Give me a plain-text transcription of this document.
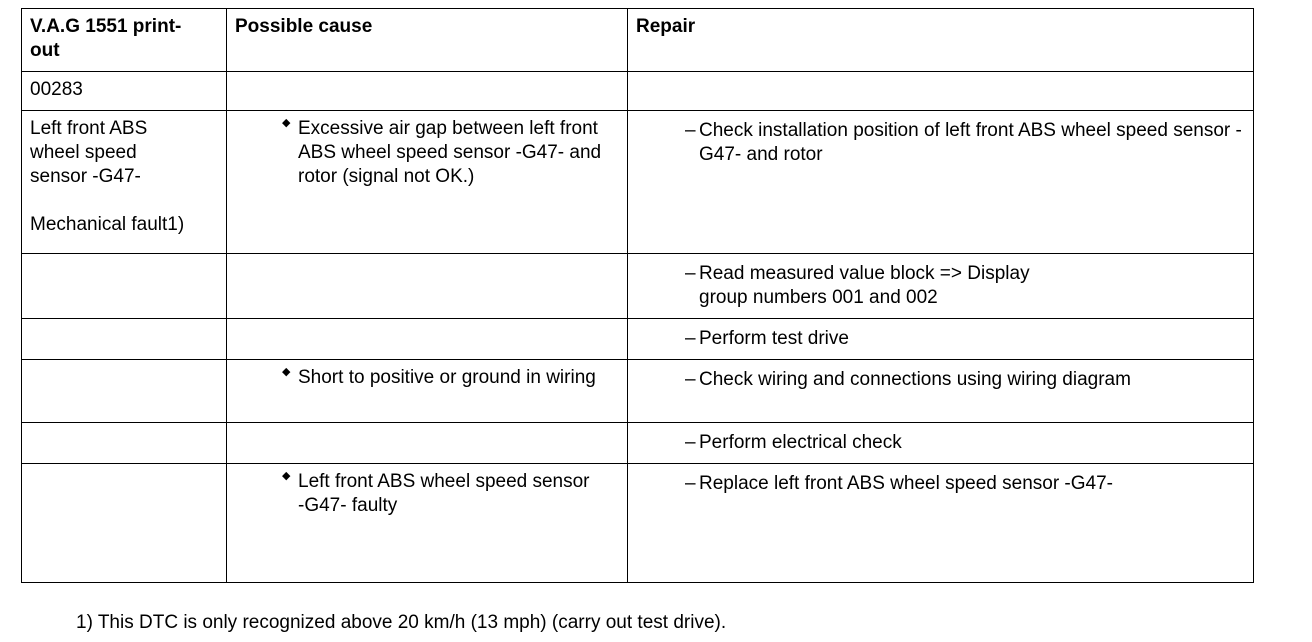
V.A.G 1551 print-out	Possible cause	Repair

00283		

Left front ABS wheel speed sensor -G47-
Mechanical fault1)	◆ Excessive air gap between left front ABS wheel speed sensor -G47- and rotor (signal not OK.)	– Check installation position of left front ABS wheel speed sensor -G47- and rotor

		– Read measured value block => Display group numbers 001 and 002

		– Perform test drive

	◆ Short to positive or ground in wiring	– Check wiring and connections using wiring diagram

		– Perform electrical check

	◆ Left front ABS wheel speed sensor -G47- faulty	– Replace left front ABS wheel speed sensor -G47-
1) This DTC is only recognized above 20 km/h (13 mph) (carry out test drive).
